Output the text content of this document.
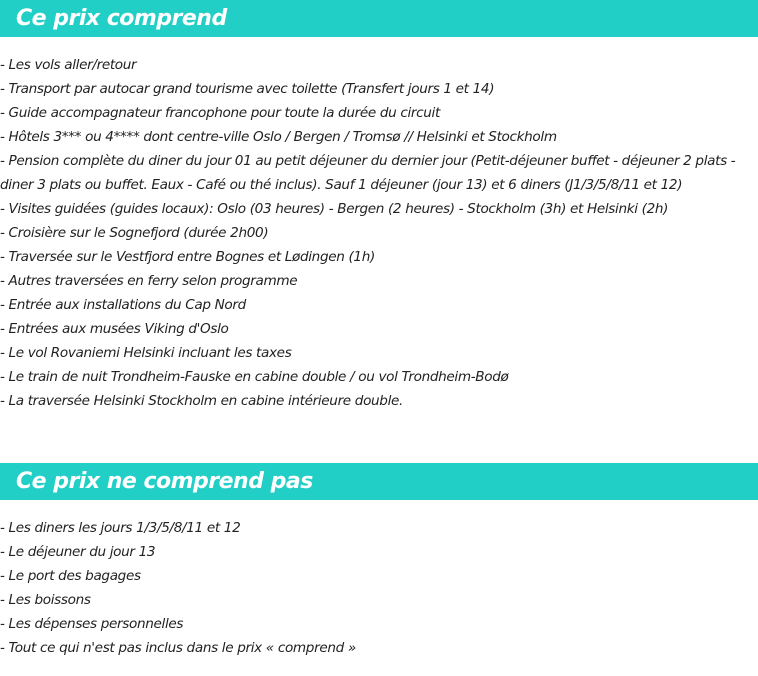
Ce prix comprend
- Les vols aller/retour
- Transport par autocar grand tourisme avec toilette (Transfert jours 1 et 14)
- Guide accompagnateur francophone pour toute la durée du circuit
- Hôtels 3*** ou 4**** dont centre-ville Oslo / Bergen / Tromsø // Helsinki et Stockholm
- Pension complète du diner du jour 01 au petit déjeuner du dernier jour (Petit-déjeuner buffet - déjeuner 2 plats - diner 3 plats ou buffet. Eaux - Café ou thé inclus). Sauf 1 déjeuner (jour 13) et 6 diners (J1/3/5/8/11 et 12)
- Visites guidées (guides locaux): Oslo (03 heures) - Bergen (2 heures) - Stockholm (3h) et Helsinki (2h)
- Croisière sur le Sognefjord (durée 2h00)
- Traversée sur le Vestfjord entre Bognes et Lødingen (1h)
- Autres traversées en ferry selon programme
- Entrée aux installations du Cap Nord
- Entrées aux musées Viking d'Oslo
- Le vol Rovaniemi Helsinki incluant les taxes
- Le train de nuit Trondheim-Fauske en cabine double / ou vol Trondheim-Bodø
- La traversée Helsinki Stockholm en cabine intérieure double.
Ce prix ne comprend pas
- Les diners les jours 1/3/5/8/11 et 12
- Le déjeuner du jour 13
- Le port des bagages
- Les boissons
- Les dépenses personnelles
- Tout ce qui n'est pas inclus dans le prix « comprend »
